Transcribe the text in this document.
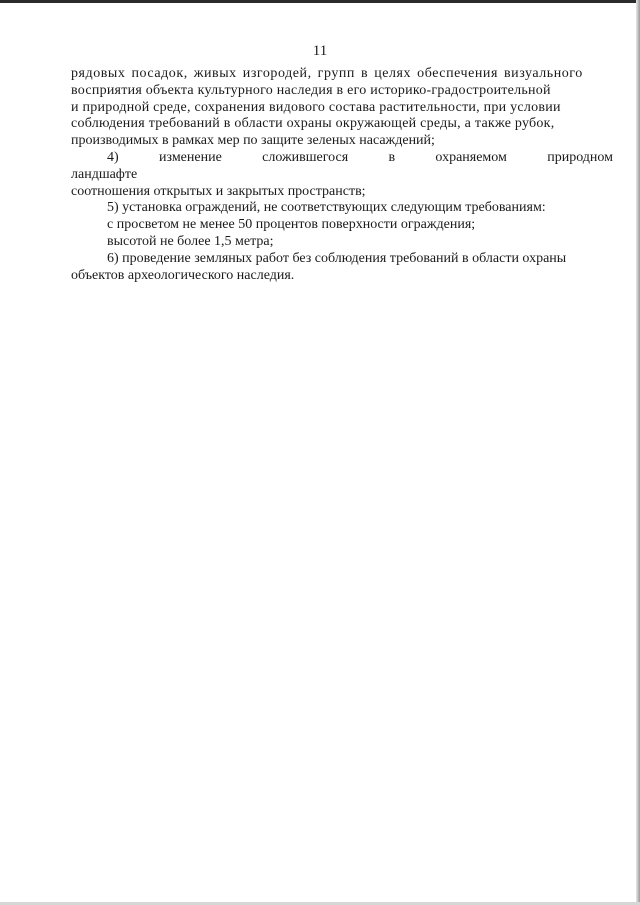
11

рядовых посадок, живых изгородей, групп в целях обеспечения визуального

восприятия объекта культурного наследия в его историко-градостроительной

и природной среде, сохранения видового состава растительности, при условии

соблюдения требований в области охраны окружающей среды, а также рубок,

производимых в рамках мер по защите зеленых насаждений;

4) изменение сложившегося в охраняемом природном ландшафте

соотношения открытых и закрытых пространств;

5) установка ограждений, не соответствующих следующим требованиям:

с просветом не менее 50 процентов поверхности ограждения;

высотой не более 1,5 метра;

6) проведение земляных работ без соблюдения требований в области охраны

объектов археологического наследия.
